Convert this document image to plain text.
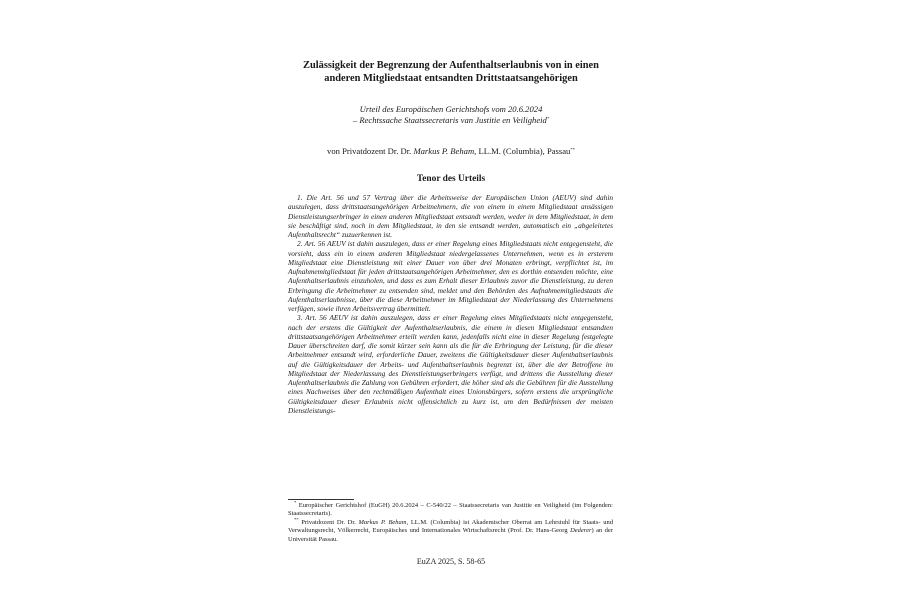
Zulässigkeit der Begrenzung der Aufenthaltserlaubnis von in einen anderen Mitgliedstaat entsandten Drittstaatsangehörigen
Urteil des Europäischen Gerichtshofs vom 20.6.2024
– Rechtssache Staatssecretaris van Justitie en Veiligheid*
von Privatdozent Dr. Dr. Markus P. Beham, LL.M. (Columbia), Passau**
Tenor des Urteils

1. Die Art. 56 und 57 Vertrag über die Arbeitsweise der Europäischen Union (AEUV) sind dahin auszulegen, dass drittstaatsangehörigen Arbeitnehmern, die von einem in einem Mitgliedstaat ansässigen Dienstleistungserbringer in einen anderen Mitgliedstaat entsandt werden, weder in dem Mitgliedstaat, in dem sie beschäftigt sind, noch in dem Mitgliedstaat, in den sie entsandt werden, automatisch ein „abgeleitetes Aufenthaltsrecht“ zuzuerkennen ist.

2. Art. 56 AEUV ist dahin auszulegen, dass er einer Regelung eines Mitgliedstaats nicht entgegensteht, die vorsieht, dass ein in einem anderen Mitgliedstaat niedergelassenes Unternehmen, wenn es in ersterem Mitgliedstaat eine Dienstleistung mit einer Dauer von über drei Monaten erbringt, verpflichtet ist, im Aufnahmemitgliedstaat für jeden drittstaatsangehörigen Arbeitnehmer, den es dorthin entsenden möchte, eine Aufenthaltserlaubnis einzuholen, und dass es zum Erhalt dieser Erlaubnis zuvor die Dienstleistung, zu deren Erbringung die Arbeitnehmer zu entsenden sind, meldet und den Behörden des Aufnahmemitgliedstaats die Aufenthaltserlaubnisse, über die diese Arbeitnehmer im Mitgliedstaat der Niederlassung des Unternehmens verfügen, sowie ihren Arbeitsvertrag übermittelt.

3. Art. 56 AEUV ist dahin auszulegen, dass er einer Regelung eines Mitgliedstaats nicht entgegensteht, nach der erstens die Gültigkeit der Aufenthaltserlaubnis, die einem in diesen Mitgliedstaat entsandten drittstaatsangehörigen Arbeitnehmer erteilt werden kann, jedenfalls nicht eine in dieser Regelung festgelegte Dauer überschreiten darf, die somit kürzer sein kann als die für die Erbringung der Leistung, für die dieser Arbeitnehmer entsandt wird, erforderliche Dauer, zweitens die Gültigkeitsdauer dieser Aufenthaltserlaubnis auf die Gültigkeitsdauer der Arbeits- und Aufenthaltserlaubnis begrenzt ist, über die der Betroffene im Mitgliedstaat der Niederlassung des Dienstleistungserbringers verfügt, und drittens die Ausstellung dieser Aufenthaltserlaubnis die Zahlung von Gebühren erfordert, die höher sind als die Gebühren für die Ausstellung eines Nachweises über den rechtmäßigen Aufenthalt eines Unionsbürgers, sofern erstens die ursprüngliche Gültigkeitsdauer dieser Erlaubnis nicht offensichtlich zu kurz ist, um den Bedürfnissen der meisten Dienstleistungs-

* Europäischer Gerichtshof (EuGH) 20.6.2024 – C-540/22 – Staatssecretaris van Justitie en Veiligheid (im Folgenden: Staatssecretaris).

** Privatdozent Dr. Dr. Markus P. Beham, LL.M. (Columbia) ist Akademischer Oberrat am Lehrstuhl für Staats- und Verwaltungsrecht, Völkerrecht, Europäisches und Internationales Wirtschaftsrecht (Prof. Dr. Hans-Georg Dederer) an der Universität Passau.

EuZA 2025, S. 58-65
